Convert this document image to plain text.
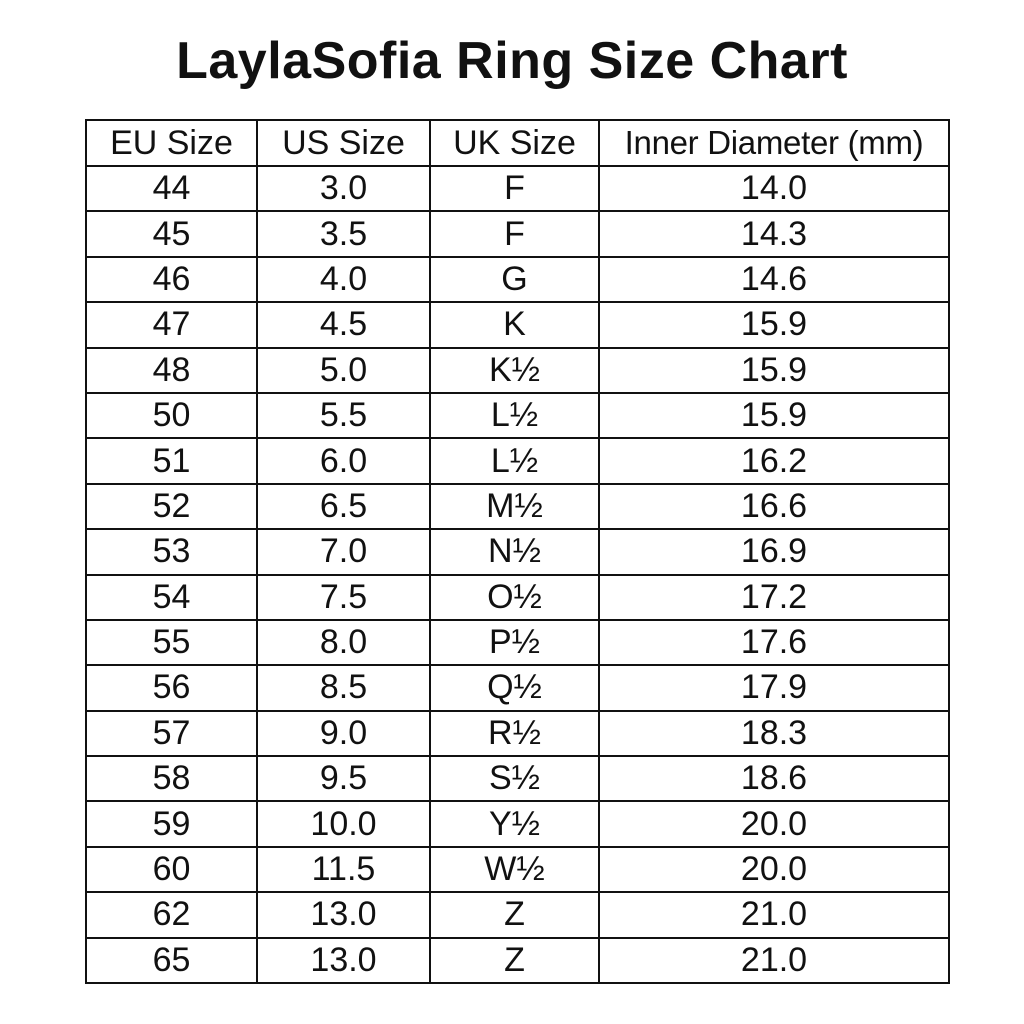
LaylaSofia Ring Size Chart
EU Size	US Size	UK Size	Inner Diameter (mm)
44	3.0	F	14.0
45	3.5	F	14.3
46	4.0	G	14.6
47	4.5	K	15.9
48	5.0	K½	15.9
50	5.5	L½	15.9
51	6.0	L½	16.2
52	6.5	M½	16.6
53	7.0	N½	16.9
54	7.5	O½	17.2
55	8.0	P½	17.6
56	8.5	Q½	17.9
57	9.0	R½	18.3
58	9.5	S½	18.6
59	10.0	Y½	20.0
60	11.5	W½	20.0
62	13.0	Z	21.0
65	13.0	Z	21.0
